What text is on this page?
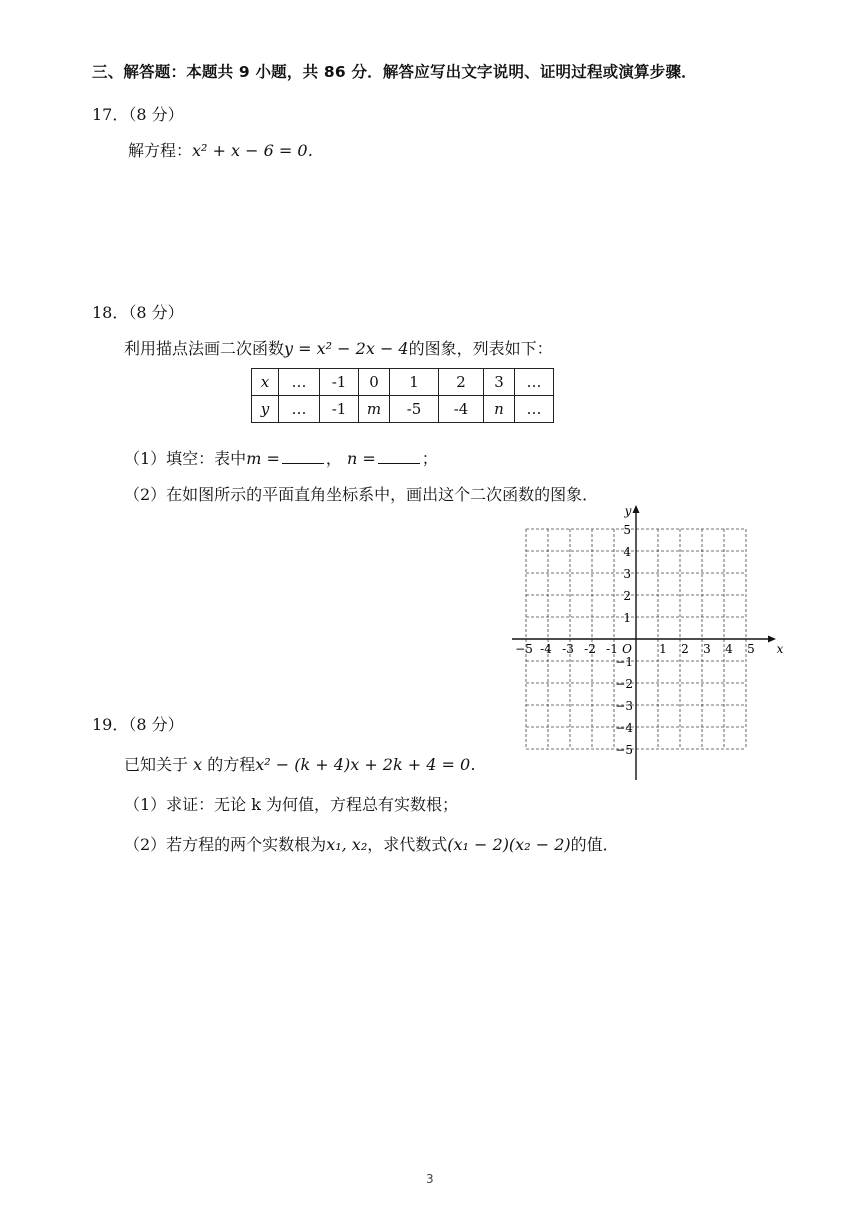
三、解答题：本题共 9 小题，共 86 分．解答应写出文字说明、证明过程或演算步骤．
17．（8 分）
解方程：x² + x − 6 = 0．
18．（8 分）
利用描点法画二次函数y = x² − 2x − 4的图象，列表如下：
x	…	-1	0	1	2	3	…
y	…	-1	m	-5	-4	n	…
（1）填空：表中m =	， n =	；
（2）在如图所示的平面直角坐标系中，画出这个二次函数的图象．
−5 -4 -3 -2 -1	1 2 3 4 5
5
4
3
2
1
−1
−2
−3
−4
−5
O	x
y
19．（8 分）
已知关于 x 的方程x² − (k + 4)x + 2k + 4 = 0．
（1）求证：无论 k 为何值，方程总有实数根；
（2）若方程的两个实数根为x₁, x₂，求代数式(x₁ − 2)(x₂ − 2)的值．
3
